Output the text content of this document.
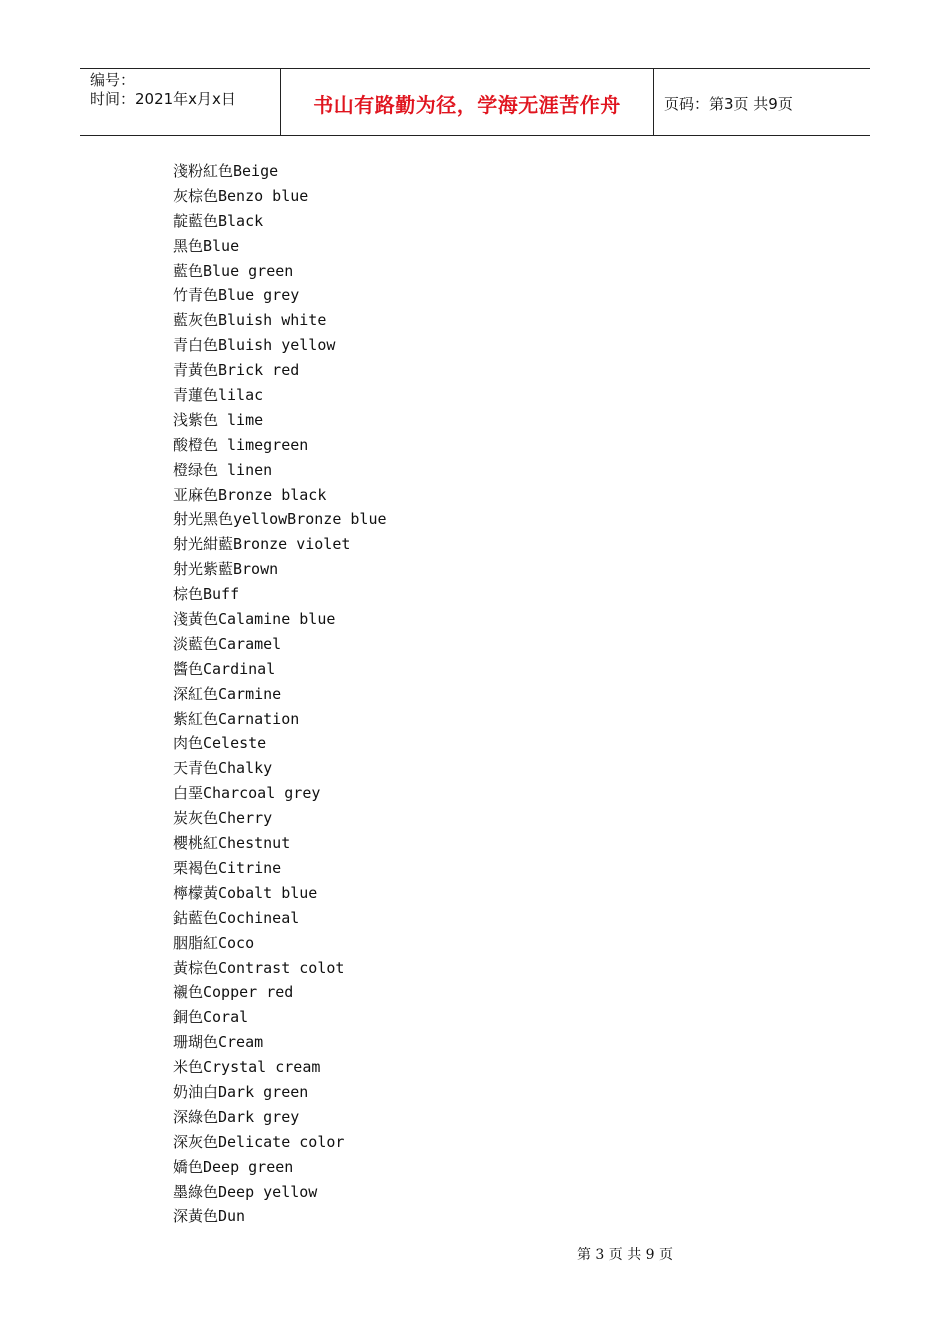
编号：
时间：2021年x月x日	书山有路勤为径，学海无涯苦作舟	页码：第3页 共9页
淺粉紅色Beige
灰棕色Benzo blue
靛藍色Black
黑色Blue
藍色Blue green
竹青色Blue grey
藍灰色Bluish white
青白色Bluish yellow
青黃色Brick red
青蓮色lilac
浅紫色 lime
酸橙色 limegreen
橙绿色 linen
亚麻色Bronze black
射光黑色yellowBronze blue
射光紺藍Bronze violet
射光紫藍Brown
棕色Buff
淺黃色Calamine blue
淡藍色Caramel
醬色Cardinal
深紅色Carmine
紫紅色Carnation
肉色Celeste
天青色Chalky
白堊Charcoal grey
炭灰色Cherry
櫻桃紅Chestnut
栗褐色Citrine
檸檬黃Cobalt blue
鈷藍色Cochineal
胭脂紅Coco
黃棕色Contrast colot
襯色Copper red
銅色Coral
珊瑚色Cream
米色Crystal cream
奶油白Dark green
深綠色Dark grey
深灰色Delicate color
嬌色Deep green
墨綠色Deep yellow
深黃色Dun
第 3 页 共 9 页
